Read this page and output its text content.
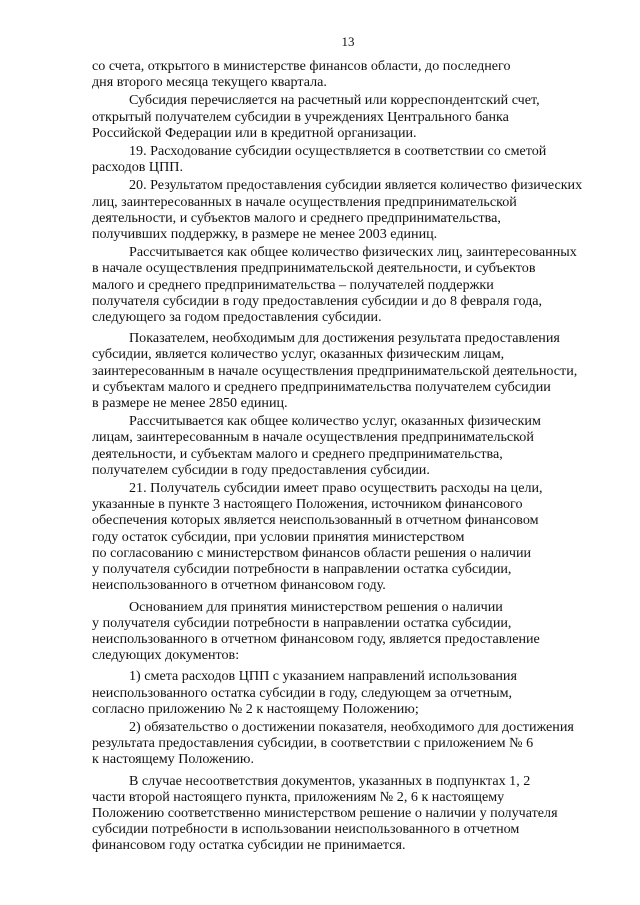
13

со счета, открытого в министерстве финансов области, до последнего
дня второго месяца текущего квартала.

Субсидия перечисляется на расчетный или корреспондентский счет,
открытый получателем субсидии в учреждениях Центрального банка
Российской Федерации или в кредитной организации.

19. Расходование субсидии осуществляется в соответствии со сметой
расходов ЦПП.

20. Результатом предоставления субсидии является количество физических
лиц, заинтересованных в начале осуществления предпринимательской
деятельности, и субъектов малого и среднего предпринимательства,
получивших поддержку, в размере не менее 2003 единиц.

Рассчитывается как общее количество физических лиц, заинтересованных
в начале осуществления предпринимательской деятельности, и субъектов
малого и среднего предпринимательства – получателей поддержки
получателя субсидии в году предоставления субсидии и до 8 февраля года,
следующего за годом предоставления субсидии.

Показателем, необходимым для достижения результата предоставления
субсидии, является количество услуг, оказанных физическим лицам,
заинтересованным в начале осуществления предпринимательской деятельности,
и субъектам малого и среднего предпринимательства получателем субсидии
в размере не менее 2850 единиц.

Рассчитывается как общее количество услуг, оказанных физическим
лицам, заинтересованным в начале осуществления предпринимательской
деятельности, и субъектам малого и среднего предпринимательства,
получателем субсидии в году предоставления субсидии.

21. Получатель субсидии имеет право осуществить расходы на цели,
указанные в пункте 3 настоящего Положения, источником финансового
обеспечения которых является неиспользованный в отчетном финансовом
году остаток субсидии, при условии принятия министерством
по согласованию с министерством финансов области решения о наличии
у получателя субсидии потребности в направлении остатка субсидии,
неиспользованного в отчетном финансовом году.

Основанием для принятия министерством решения о наличии
у получателя субсидии потребности в направлении остатка субсидии,
неиспользованного в отчетном финансовом году, является предоставление
следующих документов:

1) смета расходов ЦПП с указанием направлений использования
неиспользованного остатка субсидии в году, следующем за отчетным,
согласно приложению № 2 к настоящему Положению;

2) обязательство о достижении показателя, необходимого для достижения
результата предоставления субсидии, в соответствии с приложением № 6
к настоящему Положению.

В случае несоответствия документов, указанных в подпунктах 1, 2
части второй настоящего пункта, приложениям № 2, 6 к настоящему
Положению соответственно министерством решение о наличии у получателя
субсидии потребности в использовании неиспользованного в отчетном
финансовом году остатка субсидии не принимается.
